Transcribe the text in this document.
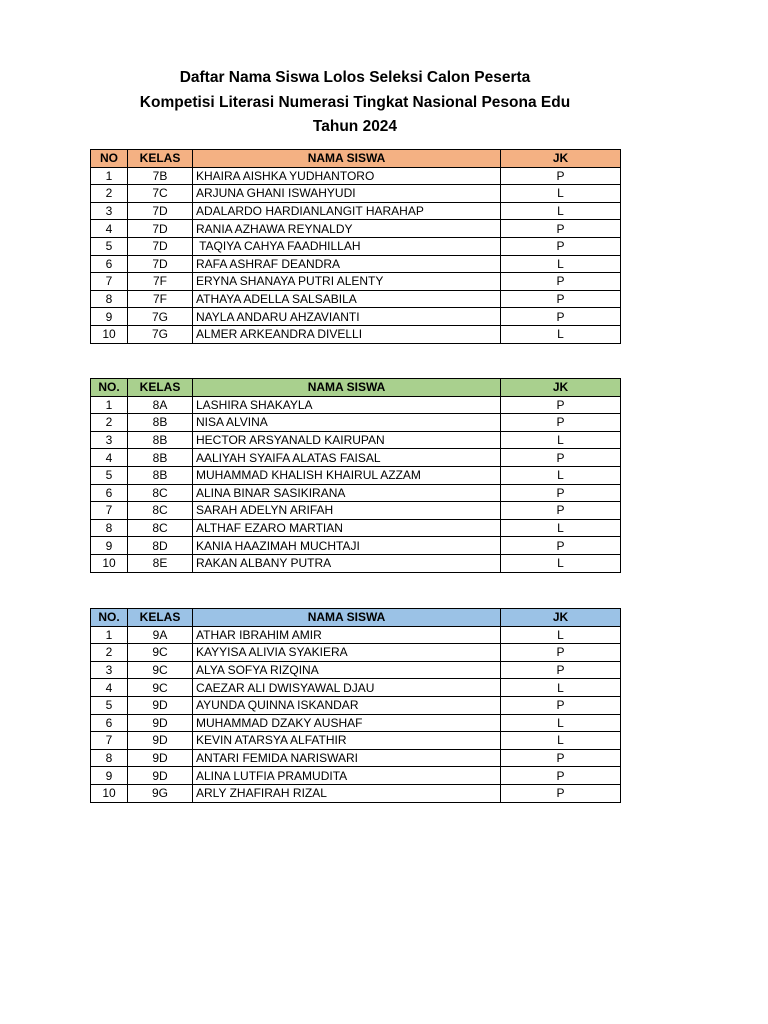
Daftar Nama Siswa Lolos Seleksi Calon Peserta
Kompetisi Literasi Numerasi Tingkat Nasional Pesona Edu
Tahun 2024
NO	KELAS	NAMA SISWA	JK
1	7B	KHAIRA AISHKA YUDHANTORO	P
2	7C	ARJUNA GHANI ISWAHYUDI	L
3	7D	ADALARDO HARDIANLANGIT HARAHAP	L
4	7D	RANIA AZHAWA REYNALDY	P
5	7D	TAQIYA CAHYA FAADHILLAH	P
6	7D	RAFA ASHRAF DEANDRA	L
7	7F	ERYNA SHANAYA PUTRI ALENTY	P
8	7F	ATHAYA ADELLA SALSABILA	P
9	7G	NAYLA ANDARU AHZAVIANTI	P
10	7G	ALMER ARKEANDRA DIVELLI	L
NO.	KELAS	NAMA SISWA	JK
1	8A	LASHIRA SHAKAYLA	P
2	8B	NISA ALVINA	P
3	8B	HECTOR ARSYANALD KAIRUPAN	L
4	8B	AALIYAH SYAIFA ALATAS FAISAL	P
5	8B	MUHAMMAD KHALISH KHAIRUL AZZAM	L
6	8C	ALINA BINAR SASIKIRANA	P
7	8C	SARAH ADELYN ARIFAH	P
8	8C	ALTHAF EZARO MARTIAN	L
9	8D	KANIA HAAZIMAH MUCHTAJI	P
10	8E	RAKAN ALBANY PUTRA	L
NO.	KELAS	NAMA SISWA	JK
1	9A	ATHAR IBRAHIM AMIR	L
2	9C	KAYYISA ALIVIA SYAKIERA	P
3	9C	ALYA SOFYA RIZQINA	P
4	9C	CAEZAR ALI DWISYAWAL DJAU	L
5	9D	AYUNDA QUINNA ISKANDAR	P
6	9D	MUHAMMAD DZAKY AUSHAF	L
7	9D	KEVIN ATARSYA ALFATHIR	L
8	9D	ANTARI FEMIDA NARISWARI	P
9	9D	ALINA LUTFIA PRAMUDITA	P
10	9G	ARLY ZHAFIRAH RIZAL	P
